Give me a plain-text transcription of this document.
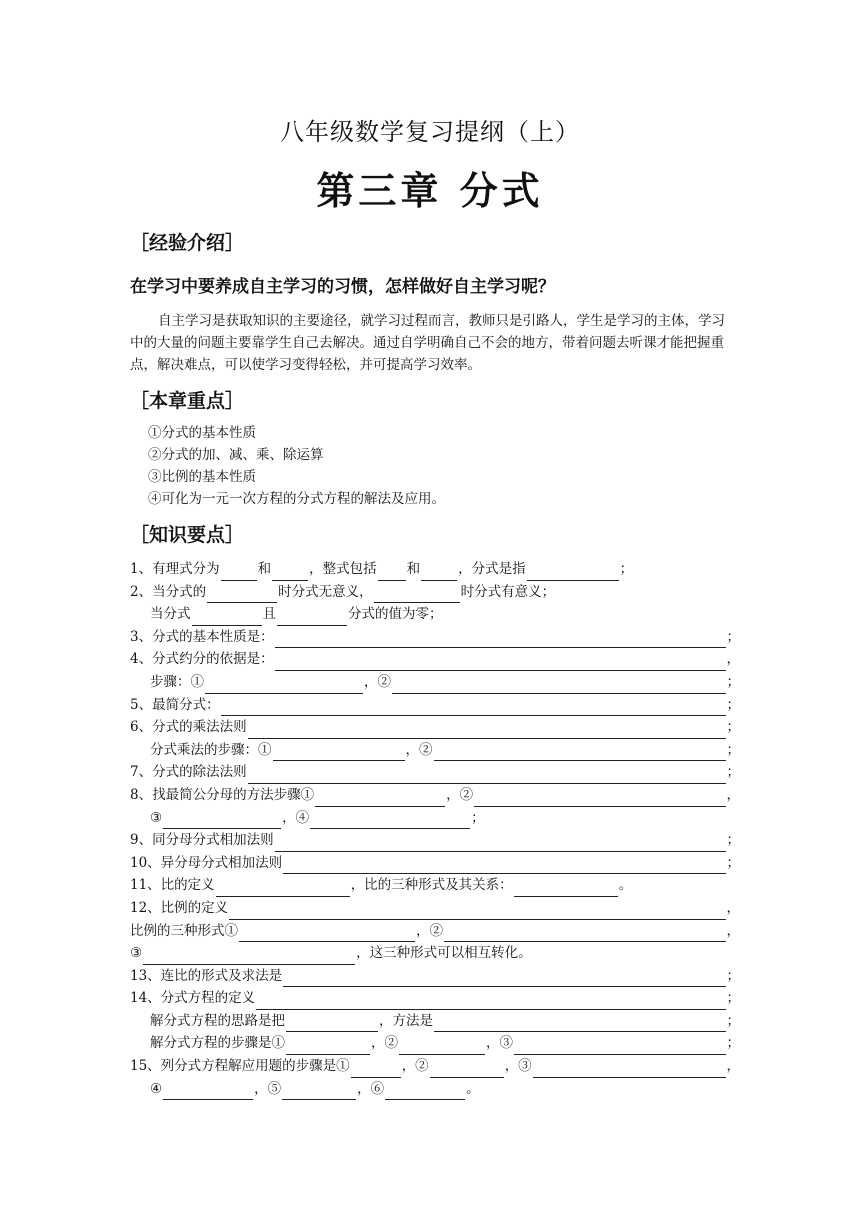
八年级数学复习提纲（上）
第三章 分式
［经验介绍］
在学习中要养成自主学习的习惯，怎样做好自主学习呢？
自主学习是获取知识的主要途径，就学习过程而言，教师只是引路人，学生是学习的主体，学习中的大量的问题主要靠学生自己去解决。通过自学明确自己不会的地方，带着问题去听课才能把握重点，解决难点，可以使学习变得轻松，并可提高学习效率。
［本章重点］
①分式的基本性质
②分式的加、减、乘、除运算
③比例的基本性质
④可化为一元一次方程的分式方程的解法及应用。
［知识要点］
1、有理式分为	和	，整式包括 和	，分式是指	；
2、当分式的	时分式无意义，	时分式有意义；
当分式	且	分式的值为零；
3、分式的基本性质是：	；
4、分式约分的依据是：	，
步骤：①	，②	；
5、最简分式：	；
6、分式的乘法法则	；
分式乘法的步骤：①	，②	；
7、分式的除法法则	；
8、找最简公分母的方法步骤①	，②	，
③	，④	；
9、同分母分式相加法则	；
10、异分母分式相加法则	；
11、比的定义	，比的三种形式及其关系：	。
12、比例的定义	，
比例的三种形式①	，②	，
③	，这三种形式可以相互转化。
13、连比的形式及求法是	；
14、分式方程的定义	；
解分式方程的思路是把	，方法是	；
解分式方程的步骤是①	，②	，③	；
15、列分式方程解应用题的步骤是①	，②	，③	，
④	，⑤	，⑥	。
